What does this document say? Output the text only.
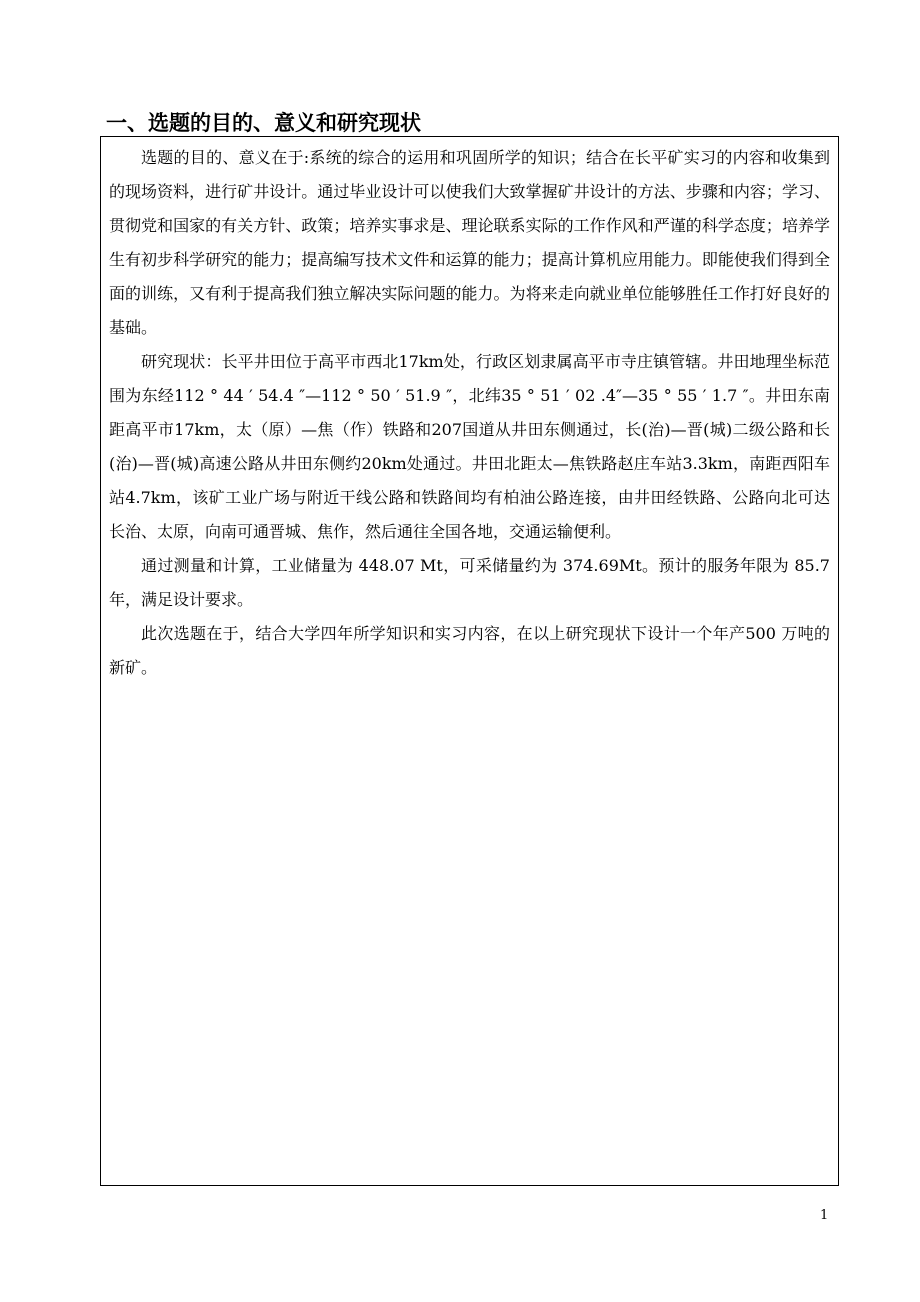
一、选题的目的、意义和研究现状

选题的目的、意义在于:系统的综合的运用和巩固所学的知识；结合在长平矿实习的内容和收集到的现场资料，进行矿井设计。通过毕业设计可以使我们大致掌握矿井设计的方法、步骤和内容；学习、贯彻党和国家的有关方针、政策；培养实事求是、理论联系实际的工作作风和严谨的科学态度；培养学生有初步科学研究的能力；提高编写技术文件和运算的能力；提高计算机应用能力。即能使我们得到全面的训练，又有利于提高我们独立解决实际问题的能力。为将来走向就业单位能够胜任工作打好良好的基础。

研究现状：长平井田位于高平市西北17km处，行政区划隶属高平市寺庄镇管辖。井田地理坐标范围为东经112 ° 44 ′ 54.4 ″—112 ° 50 ′ 51.9 ″，北纬35 ° 51 ′ 02 .4″—35 ° 55 ′ 1.7 ″。井田东南距高平市17km，太（原）—焦（作）铁路和207国道从井田东侧通过，长(治)—晋(城)二级公路和长(治)—晋(城)高速公路从井田东侧约20km处通过。井田北距太—焦铁路赵庄车站3.3km，南距西阳车站4.7km，该矿工业广场与附近干线公路和铁路间均有柏油公路连接，由井田经铁路、公路向北可达长治、太原，向南可通晋城、焦作，然后通往全国各地，交通运输便利。

通过测量和计算，工业储量为 448.07 Mt，可采储量约为 374.69Mt。预计的服务年限为 85.7 年，满足设计要求。

此次选题在于，结合大学四年所学知识和实习内容，在以上研究现状下设计一个年产500 万吨的新矿。

1
